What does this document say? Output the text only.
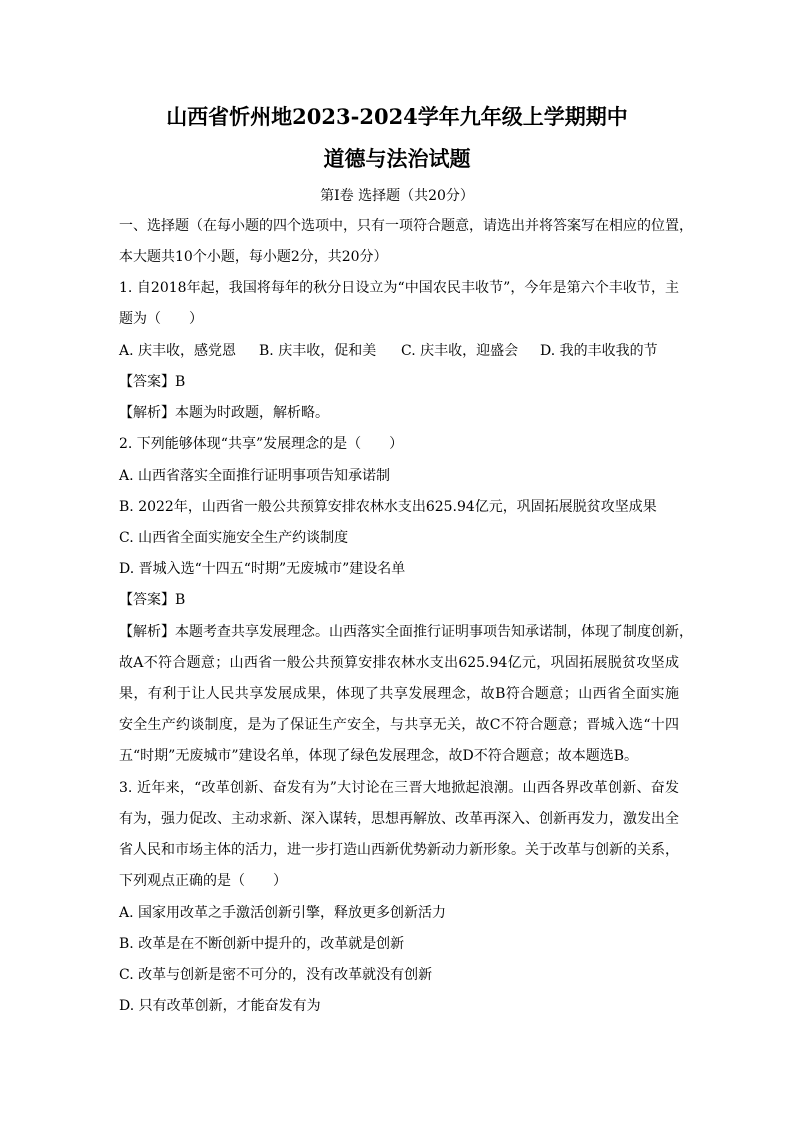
山西省忻州地2023-2024学年九年级上学期期中
道德与法治试题
第Ⅰ卷 选择题（共20分）
一、选择题（在每小题的四个选项中，只有一项符合题意，请选出并将答案写在相应的位置，
本大题共10个小题，每小题2分，共20分）
1. 自2018年起，我国将每年的秋分日设立为“中国农民丰收节”，今年是第六个丰收节，主
题为（　　）
A. 庆丰收，感党恩 B. 庆丰收，促和美 C. 庆丰收，迎盛会 D. 我的丰收我的节
【答案】B
【解析】本题为时政题，解析略。
2. 下列能够体现“共享”发展理念的是（　　）
A. 山西省落实全面推行证明事项告知承诺制
B. 2022年，山西省一般公共预算安排农林水支出625.94亿元，巩固拓展脱贫攻坚成果
C. 山西省全面实施安全生产约谈制度
D. 晋城入选“十四五“时期”无废城市”建设名单
【答案】B
【解析】本题考查共享发展理念。山西落实全面推行证明事项告知承诺制，体现了制度创新，
故A不符合题意；山西省一般公共预算安排农林水支出625.94亿元，巩固拓展脱贫攻坚成
果，有利于让人民共享发展成果，体现了共享发展理念，故B符合题意；山西省全面实施
安全生产约谈制度，是为了保证生产安全，与共享无关，故C不符合题意；晋城入选“十四
五“时期”无废城市”建设名单，体现了绿色发展理念，故D不符合题意；故本题选B。
3. 近年来，“改革创新、奋发有为”大讨论在三晋大地掀起浪潮。山西各界改革创新、奋发
有为，强力促改、主动求新、深入谋转，思想再解放、改革再深入、创新再发力，激发出全
省人民和市场主体的活力，进一步打造山西新优势新动力新形象。关于改革与创新的关系，
下列观点正确的是（　　）
A. 国家用改革之手激活创新引擎，释放更多创新活力
B. 改革是在不断创新中提升的，改革就是创新
C. 改革与创新是密不可分的，没有改革就没有创新
D. 只有改革创新，才能奋发有为
